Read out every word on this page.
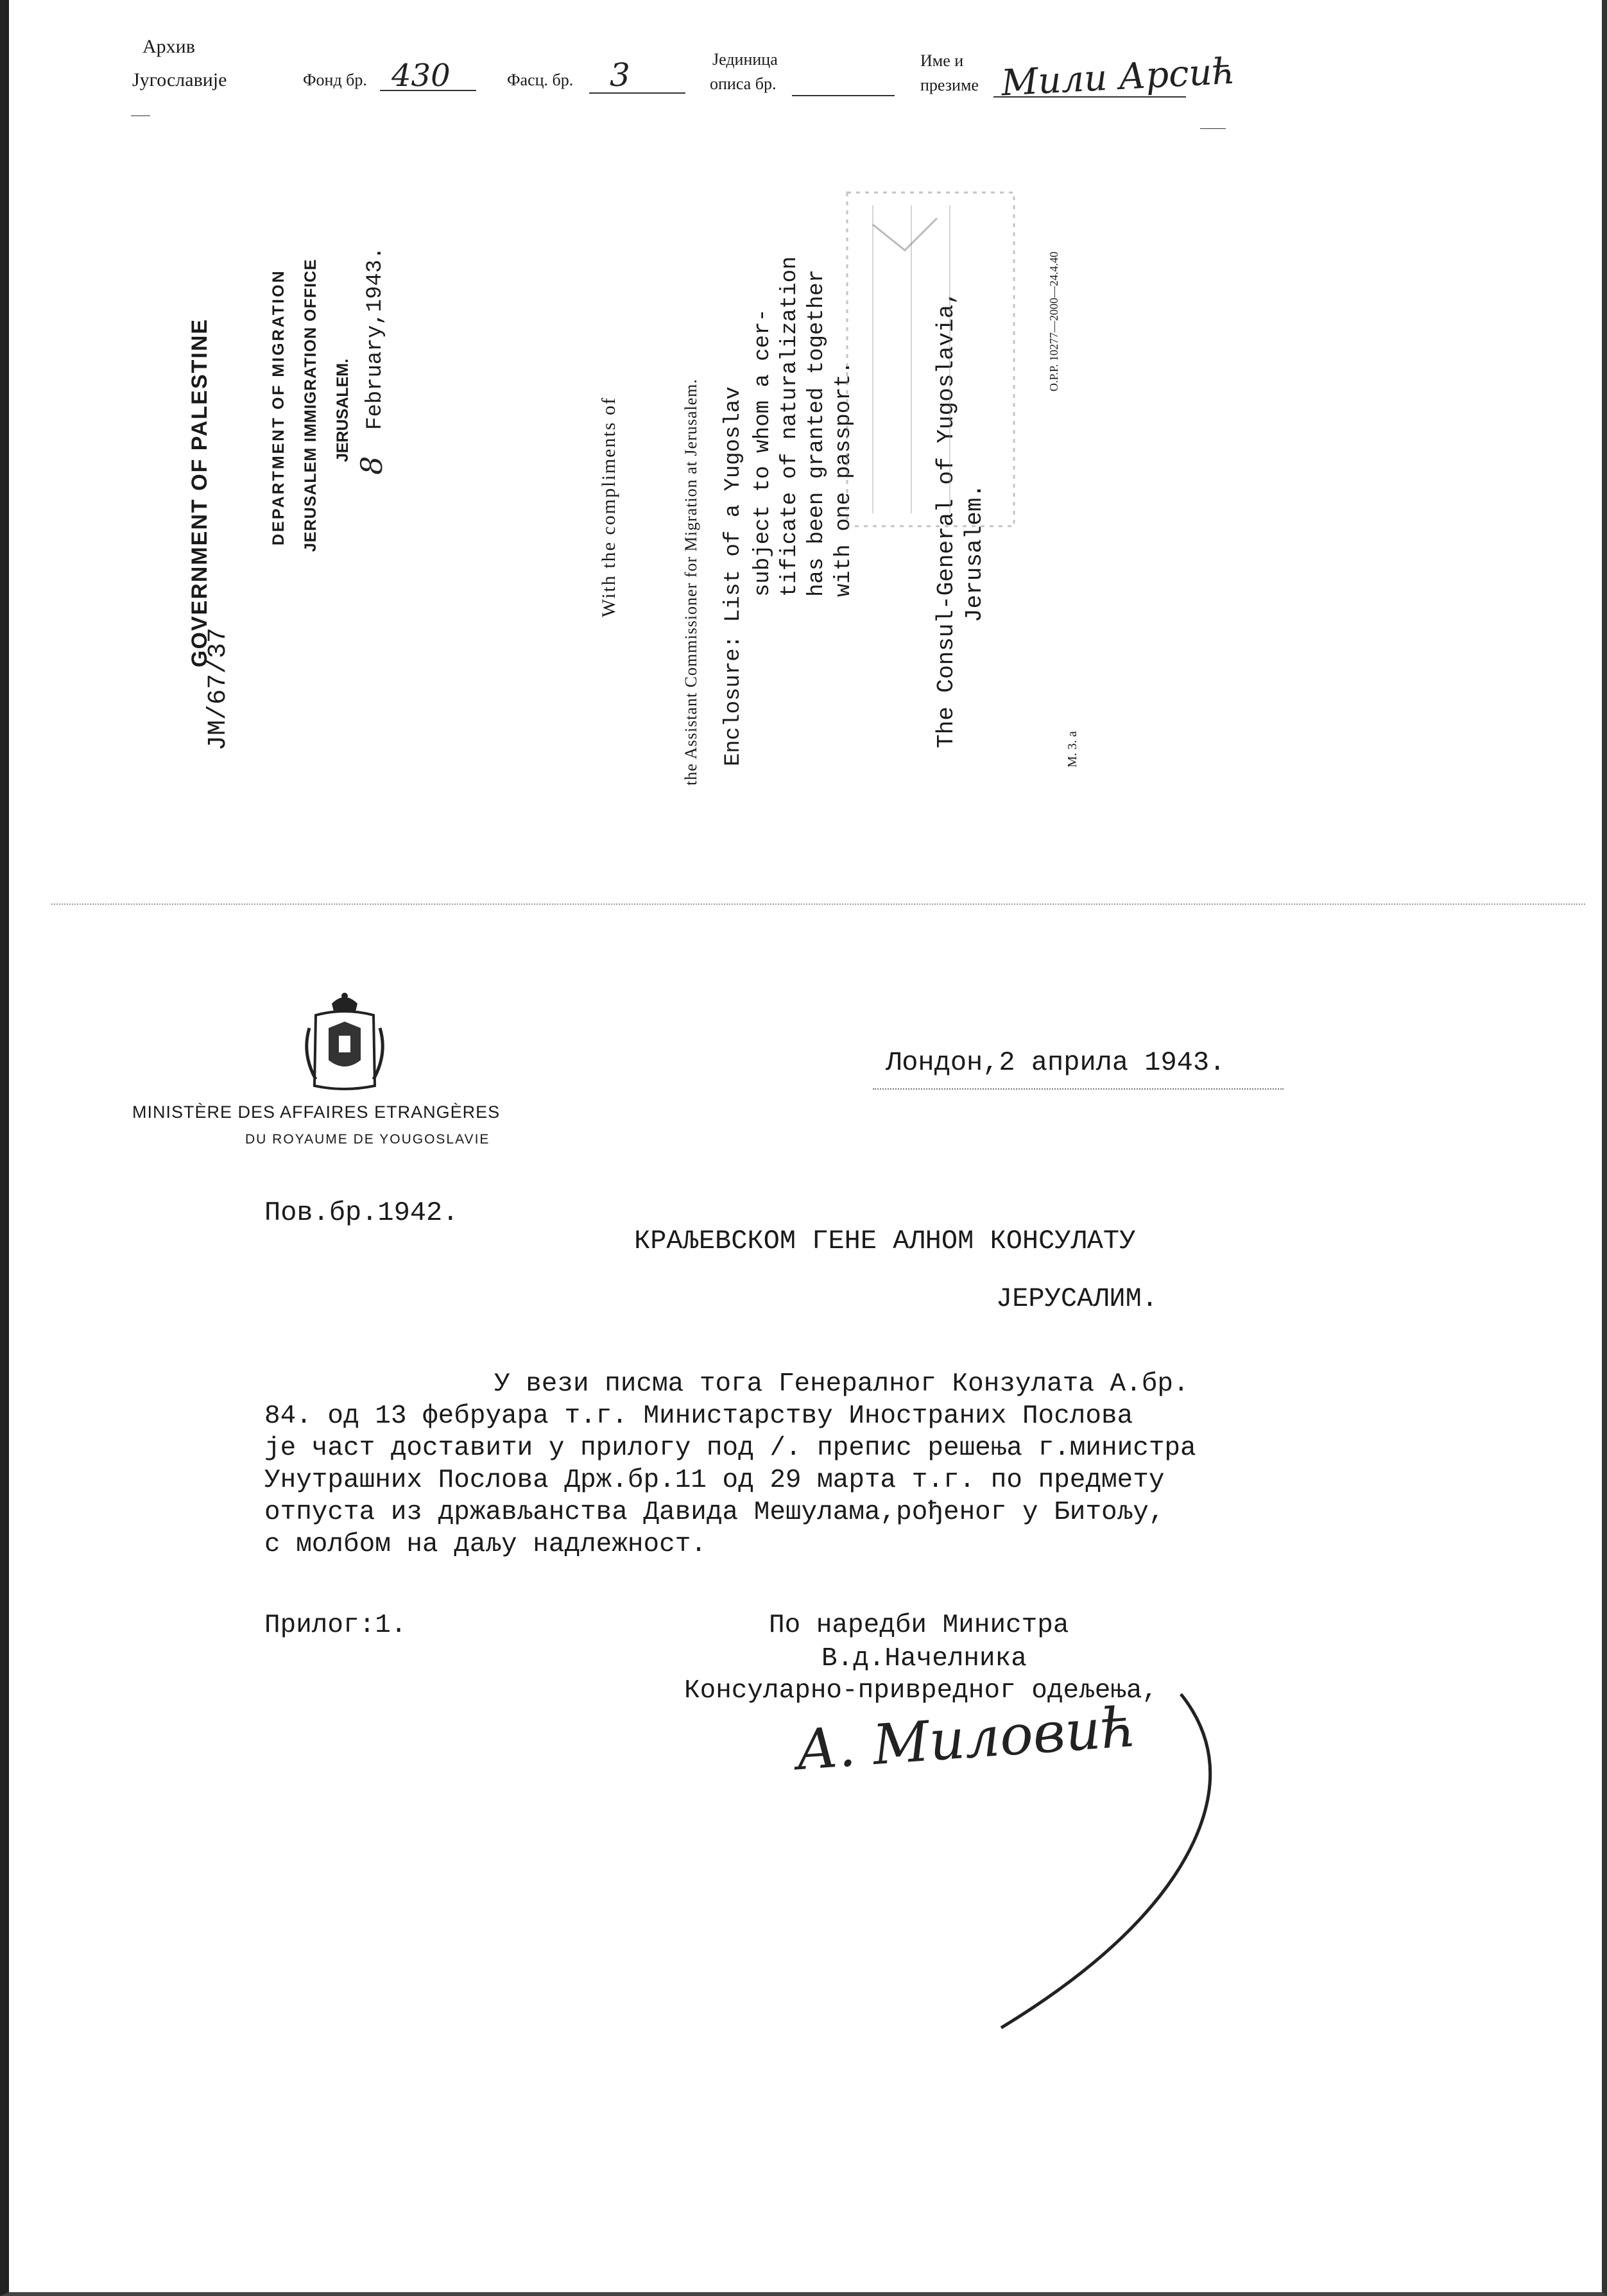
Архив
Југославије	Фонд бр. 430	Фасц. бр. 3	Јединица
описа бр.
Име и
презиме Мили Арсић
JM/67/37
GOVERNMENT OF PALESTINE	DEPARTMENT OF MIGRATION JERUSALEM IMMIGRATION OFFICE JERUSALEM.
8
February,1943.
With the compliments of	the Assistant Commissioner for Migration at Jerusalem. Enclosure: List of a Yugoslav subject to whom a cer- tificate of naturalization has been granted together with one passport.	The Consul-General of Yugoslavia, Jerusalem.
O.P.P. 10277—2000—24.4.40
M. 3. a
MINISTÈRE DES AFFAIRES ETRANGÈRES
DU ROYAUME DE YOUGOSLAVIE
Лондон,2 априла 1943.
Пов.бр.1942.
КРАЉЕВСКОМ ГЕНЕ АЛНОМ КОНСУЛАТУ
ЈЕРУСАЛИМ.
У вези писма тога Генералног Конзулата А.бр.
84. од 13 фебруара т.г. Министарству Иностраних Послова
је част доставити у прилогу под /. препис решења г.министра
Унутрашних Послова Држ.бр.11 од 29 марта т.г. по предмету
отпуста из држављанства Давида Мешулама,рођеног у Битољу,
с молбом на даљу надлежност.
Прилог:1.	По наредби Министра
В.д.Начелника
Консуларно-привредног одељења,
А. Миловић
